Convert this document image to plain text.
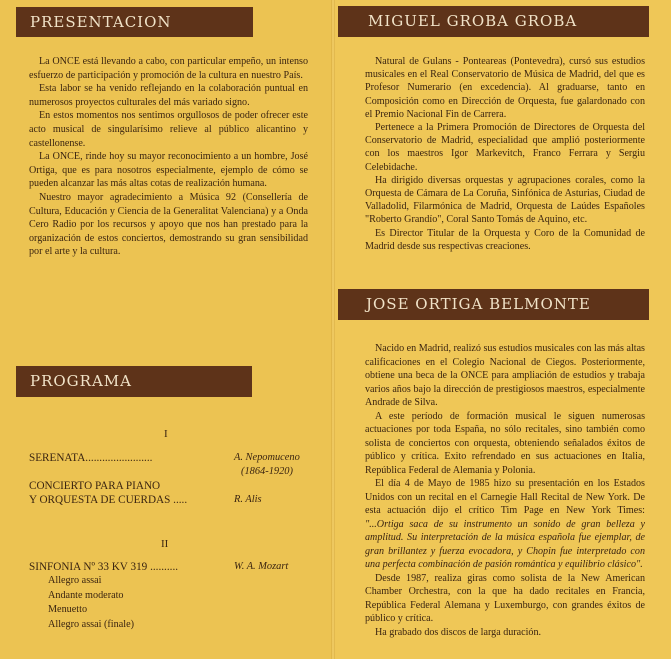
PRESENTACION

La ONCE está llevando a cabo, con particular empeño, un intenso esfuerzo de participación y promoción de la cultura en nuestro País.

Esta labor se ha venido reflejando en la colaboración puntual en numerosos proyectos culturales del más variado signo.

En estos momentos nos sentimos orgullosos de poder ofrecer este acto musical de singularísimo relieve al público alicantino y castellonense.

La ONCE, rinde hoy su mayor reconocimiento a un hombre, José Ortiga, que es para nosotros especialmente, ejemplo de cómo se pueden alcanzar las más altas cotas de realización humana.

Nuestro mayor agradecimiento a Música 92 (Consellería de Cultura, Educación y Ciencia de la Generalitat Valenciana) y a Onda Cero Radio por los recursos y apoyo que nos han prestado para la organización de estos conciertos, demostrando su gran sensibilidad por el arte y la cultura.

PROGRAMA
I
SERENATA........................	A. Nepomuceno
(1864-1920)
CONCIERTO PARA PIANO
Y ORQUESTA DE CUERDAS .....	R. Alis
II
SINFONIA Nº 33 KV 319 ..........	W. A. Mozart
Allegro assai
Andante moderato
Menuetto
Allegro assai (finale)
MIGUEL GROBA GROBA

Natural de Gulans - Ponteareas (Pontevedra), cursó sus estudios musicales en el Real Conservatorio de Música de Madrid, del que es Profesor Numerario (en excedencia). Al graduarse, tanto en Composición como en Dirección de Orquesta, fue galardonado con el Premio Nacional Fin de Carrera.

Pertenece a la Primera Promoción de Directores de Orquesta del Conservatorio de Madrid, especialidad que amplió posteriormente con los maestros Igor Markevitch, Franco Ferrara y Sergiu Celebidache.

Ha dirigido diversas orquestas y agrupaciones corales, como la Orquesta de Cámara de La Coruña, Sinfónica de Asturias, Ciudad de Valladolid, Filarmónica de Madrid, Orquesta de Laúdes Españoles "Roberto Grandío", Coral Santo Tomás de Aquino, etc.

Es Director Titular de la Orquesta y Coro de la Comunidad de Madrid desde sus respectivas creaciones.

JOSE ORTIGA BELMONTE

Nacido en Madrid, realizó sus estudios musicales con las más altas calificaciones en el Colegio Nacional de Ciegos. Posteriormente, obtiene una beca de la ONCE para ampliación de estudios y trabaja varios años bajo la dirección de prestigiosos maestros, especialmente Andrade de Silva.

A este período de formación musical le siguen numerosas actuaciones por toda España, no sólo recitales, sino también como solista de conciertos con orquesta, obteniendo señalados éxitos de público y crítica. Exito refrendado en sus actuaciones en Italia, República Federal de Alemania y Polonia.

El día 4 de Mayo de 1985 hizo su presentación en los Estados Unidos con un recital en el Carnegie Hall Recital de New York. De esta actuación dijo el crítico Tim Page en New York Times: "...Ortiga saca de su instrumento un sonido de gran belleza y amplitud. Su interpretación de la música española fue ejemplar, de gran brillantez y fuerza evocadora, y Chopin fue interpretado con una perfecta combinación de pasión romántica y equilibrio clásico".

Desde 1987, realiza giras como solista de la New American Chamber Orchestra, con la que ha dado recitales en Francia, República Federal Alemana y Luxemburgo, con grandes éxitos de público y crítica.

Ha grabado dos discos de larga duración.
